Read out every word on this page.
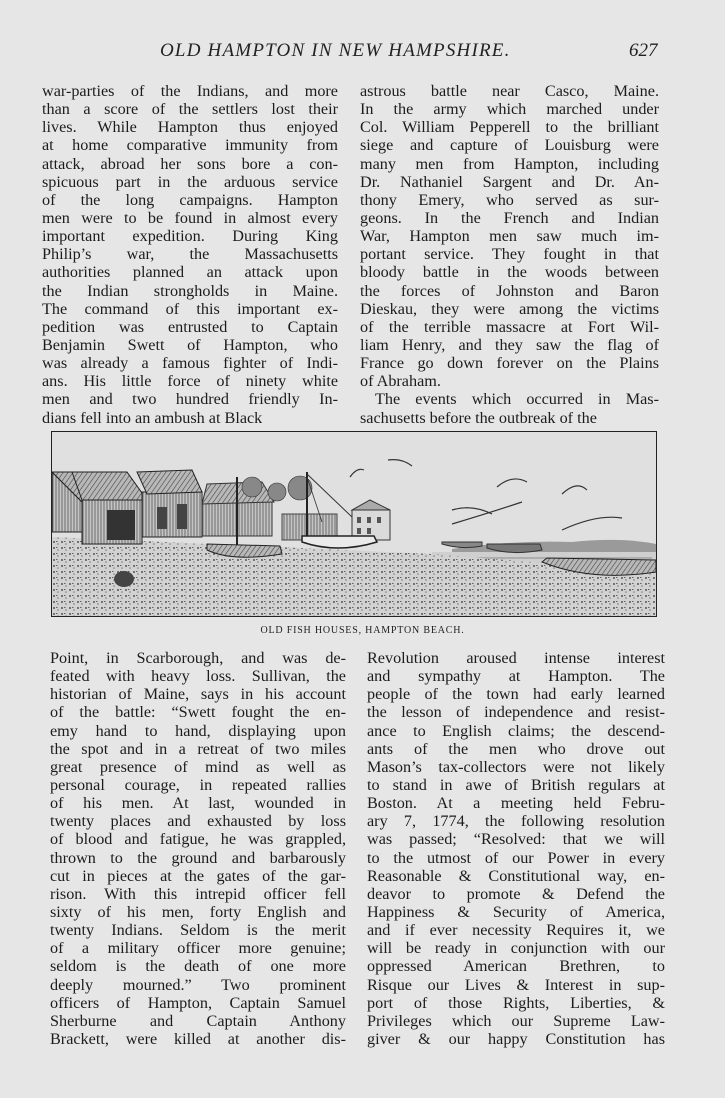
OLD HAMPTON IN NEW HAMPSHIRE.	627
war-parties of the Indians, and more
than a score of the settlers lost their
lives. While Hampton thus enjoyed
at home comparative immunity from
attack, abroad her sons bore a con-
spicuous part in the arduous service
of the long campaigns. Hampton
men were to be found in almost every
important expedition. During King
Philip’s war, the Massachusetts
authorities planned an attack upon
the Indian strongholds in Maine.
The command of this important ex-
pedition was entrusted to Captain
Benjamin Swett of Hampton, who
was already a famous fighter of Indi-
ans. His little force of ninety white
men and two hundred friendly In-
dians fell into an ambush at Black
astrous battle near Casco, Maine.
In the army which marched under
Col. William Pepperell to the brilliant
siege and capture of Louisburg were
many men from Hampton, including
Dr. Nathaniel Sargent and Dr. An-
thony Emery, who served as sur-
geons. In the French and Indian
War, Hampton men saw much im-
portant service. They fought in that
bloody battle in the woods between
the forces of Johnston and Baron
Dieskau, they were among the victims
of the terrible massacre at Fort Wil-
liam Henry, and they saw the flag of
France go down forever on the Plains
of Abraham.
The events which occurred in Mas-
sachusetts before the outbreak of the
OLD FISH HOUSES, HAMPTON BEACH.
Point, in Scarborough, and was de-
feated with heavy loss. Sullivan, the
historian of Maine, says in his account
of the battle: “Swett fought the en-
emy hand to hand, displaying upon
the spot and in a retreat of two miles
great presence of mind as well as
personal courage, in repeated rallies
of his men. At last, wounded in
twenty places and exhausted by loss
of blood and fatigue, he was grappled,
thrown to the ground and barbarously
cut in pieces at the gates of the gar-
rison. With this intrepid officer fell
sixty of his men, forty English and
twenty Indians. Seldom is the merit
of a military officer more genuine;
seldom is the death of one more
deeply mourned.” Two prominent
officers of Hampton, Captain Samuel
Sherburne and Captain Anthony
Brackett, were killed at another dis-
Revolution aroused intense interest
and sympathy at Hampton. The
people of the town had early learned
the lesson of independence and resist-
ance to English claims; the descend-
ants of the men who drove out
Mason’s tax-collectors were not likely
to stand in awe of British regulars at
Boston. At a meeting held Febru-
ary 7, 1774, the following resolution
was passed; “Resolved: that we will
to the utmost of our Power in every
Reasonable & Constitutional way, en-
deavor to promote & Defend the
Happiness & Security of America,
and if ever necessity Requires it, we
will be ready in conjunction with our
oppressed American Brethren, to
Risque our Lives & Interest in sup-
port of those Rights, Liberties, &
Privileges which our Supreme Law-
giver & our happy Constitution has
